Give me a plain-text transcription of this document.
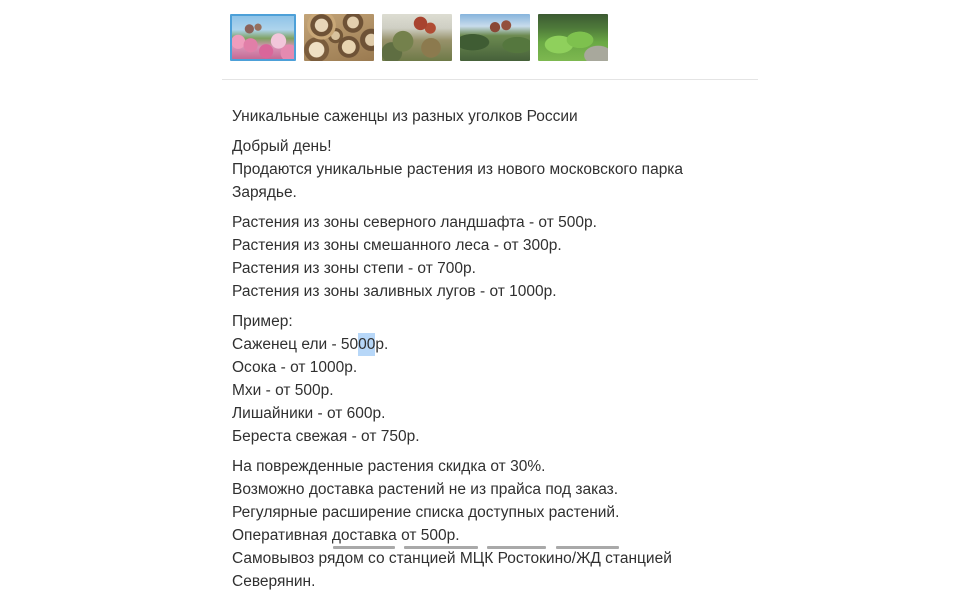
Уникальные саженцы из разных уголков России

Добрый день!
Продаются уникальные растения из нового московского парка Зарядье.

Растения из зоны северного ландшафта - от 500р.
Растения из зоны смешанного леса - от 300р.
Растения из зоны степи - от 700р.
Растения из зоны заливных лугов - от 1000р.

Пример:
Саженец ели - 5000р.
Осока - от 1000р.
Мхи - от 500р.
Лишайники - от 600р.
Береста свежая - от 750р.

На поврежденные растения скидка от 30%.
Возможно доставка растений не из прайса под заказ.
Регулярные расширение списка доступных растений.
Оперативная доставка от 500р.
Самовывоз рядом со станцией МЦК Ростокино/ЖД станцией Северянин.
